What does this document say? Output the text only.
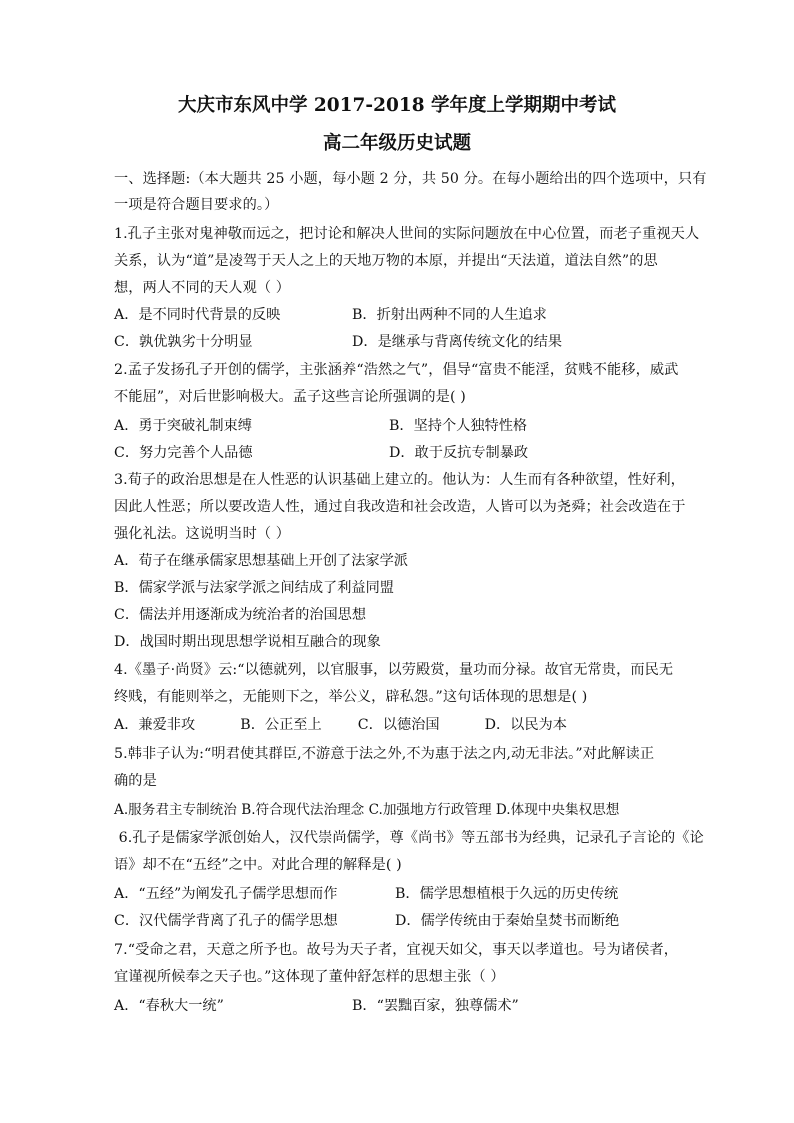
大庆市东风中学 2017-2018 学年度上学期期中考试
高二年级历史试题
一、选择题:（本大题共 25 小题，每小题 2 分，共 50 分。在每小题给出的四个选项中，只有
一项是符合题目要求的。）
1.孔子主张对鬼神敬而远之，把讨论和解决人世间的实际问题放在中心位置，而老子重视天人
关系，认为“道”是凌驾于天人之上的天地万物的本原，并提出“天法道，道法自然”的思
想，两人不同的天人观（ ）
A．是不同时代背景的反映	B．折射出两种不同的人生追求
C．孰优孰劣十分明显	D．是继承与背离传统文化的结果
2.孟子发扬孔子开创的儒学，主张涵养“浩然之气”，倡导“富贵不能淫，贫贱不能移，威武
不能屈”，对后世影响极大。孟子这些言论所强调的是( )
A．勇于突破礼制束缚	B．坚持个人独特性格
C．努力完善个人品德	D．敢于反抗专制暴政
3.荀子的政治思想是在人性恶的认识基础上建立的。他认为：人生而有各种欲望，性好利，
因此人性恶；所以要改造人性，通过自我改造和社会改造，人皆可以为尧舜；社会改造在于
强化礼法。这说明当时（ ）
A．荀子在继承儒家思想基础上开创了法家学派
B．儒家学派与法家学派之间结成了利益同盟
C．儒法并用逐渐成为统治者的治国思想
D．战国时期出现思想学说相互融合的现象
4.《墨子·尚贤》云:“以德就列，以官服事，以劳殿赏，量功而分禄。故官无常贵，而民无
终贱，有能则举之，无能则下之，举公义，辟私怨。”这句话体现的思想是( )
A．兼爱非攻          B．公正至上        C．以德治国          D．以民为本
5.韩非子认为:“明君使其群臣,不游意于法之外,不为惠于法之内,动无非法。”对此解读正
确的是
A.服务君主专制统治 B.符合现代法治理念 C.加强地方行政管理 D.体现中央集权思想
6.孔子是儒家学派创始人，汉代崇尚儒学，尊《尚书》等五部书为经典，记录孔子言论的《论
语》却不在“五经”之中。对此合理的解释是( )
A．“五经”为阐发孔子儒学思想而作	B．儒学思想植根于久远的历史传统
C．汉代儒学背离了孔子的儒学思想	D．儒学传统由于秦始皇焚书而断绝
7.“受命之君，天意之所予也。故号为天子者，宜视天如父，事天以孝道也。号为诸侯者，
宜谨视所候奉之天子也。”这体现了董仲舒怎样的思想主张（ ）
A．“春秋大一统”	B．“罢黜百家，独尊儒术”
